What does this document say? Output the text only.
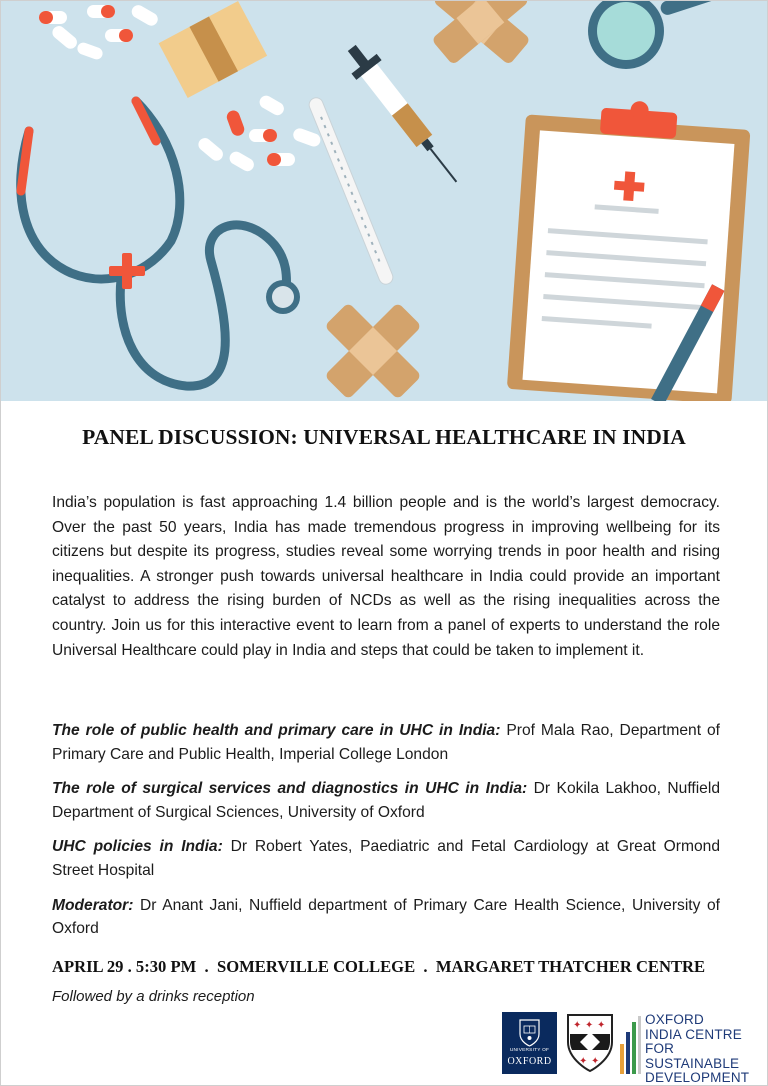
PANEL DISCUSSION: UNIVERSAL HEALTHCARE IN INDIA
India’s population is fast approaching 1.4 billion people and is the world’s largest democracy. Over the past 50 years, India has made tremendous progress in improving wellbeing for its citizens but despite its progress, studies reveal some worrying trends in poor health and rising inequalities. A stronger push towards universal healthcare in India could provide an important catalyst to address the rising burden of NCDs as well as the rising inequalities across the country. Join us for this interactive event to learn from a panel of experts to understand the role Universal Healthcare could play in India and steps that could be taken to implement it.
The role of public health and primary care in UHC in India: Prof Mala Rao, Department of Primary Care and Public Health, Imperial College London
The role of surgical services and diagnostics in UHC in India: Dr Kokila Lakhoo, Nuffield Department of Surgical Sciences, University of Oxford
UHC policies in India: Dr Robert Yates, Paediatric and Fetal Cardiology at Great Ormond Street Hospital
Moderator: Dr Anant Jani, Nuffield department of Primary Care Health Science, University of Oxford
APRIL 29 . 5:30 PM  .  SOMERVILLE COLLEGE  .  MARGARET THATCHER CENTRE
Followed by a drinks reception
UNIVERSITY OF
OXFORD
✦ ✦ ✦
✦ ✦
OXFORD
INDIA CENTRE
FOR SUSTAINABLE
DEVELOPMENT
